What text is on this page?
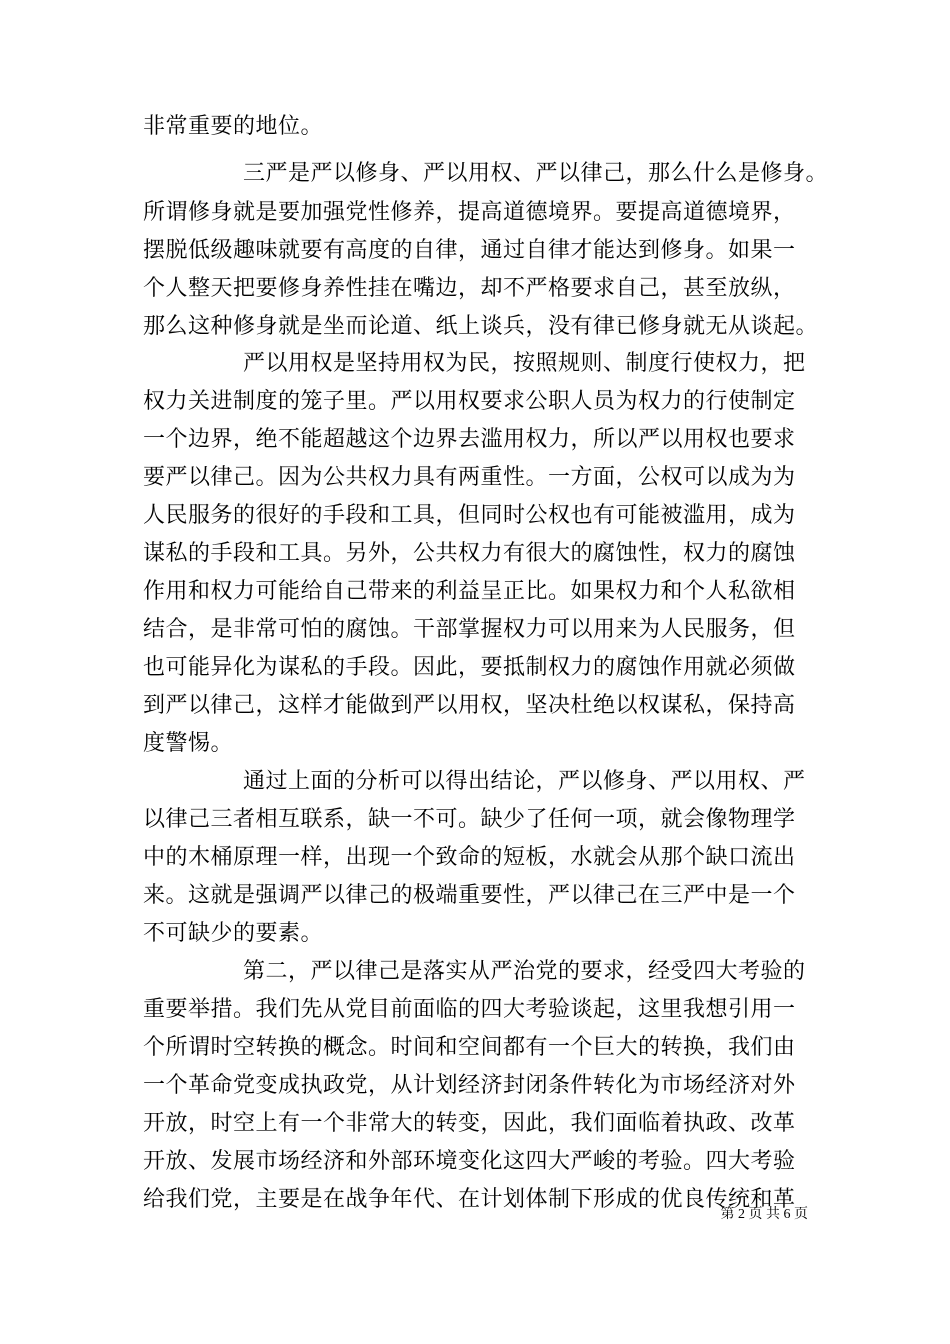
非常重要的地位。
三严是严以修身、严以用权、严以律己，那么什么是修身。
所谓修身就是要加强党性修养，提高道德境界。要提高道德境界，
摆脱低级趣味就要有高度的自律，通过自律才能达到修身。如果一
个人整天把要修身养性挂在嘴边，却不严格要求自己，甚至放纵，
那么这种修身就是坐而论道、纸上谈兵，没有律已修身就无从谈起。
严以用权是坚持用权为民，按照规则、制度行使权力，把
权力关进制度的笼子里。严以用权要求公职人员为权力的行使制定
一个边界，绝不能超越这个边界去滥用权力，所以严以用权也要求
要严以律己。因为公共权力具有两重性。一方面，公权可以成为为
人民服务的很好的手段和工具，但同时公权也有可能被滥用，成为
谋私的手段和工具。另外，公共权力有很大的腐蚀性，权力的腐蚀
作用和权力可能给自己带来的利益呈正比。如果权力和个人私欲相
结合，是非常可怕的腐蚀。干部掌握权力可以用来为人民服务，但
也可能异化为谋私的手段。因此，要抵制权力的腐蚀作用就必须做
到严以律己，这样才能做到严以用权，坚决杜绝以权谋私，保持高
度警惕。
通过上面的分析可以得出结论，严以修身、严以用权、严
以律己三者相互联系，缺一不可。缺少了任何一项，就会像物理学
中的木桶原理一样，出现一个致命的短板，水就会从那个缺口流出
来。这就是强调严以律己的极端重要性，严以律己在三严中是一个
不可缺少的要素。
第二，严以律己是落实从严治党的要求，经受四大考验的
重要举措。我们先从党目前面临的四大考验谈起，这里我想引用一
个所谓时空转换的概念。时间和空间都有一个巨大的转换，我们由
一个革命党变成执政党，从计划经济封闭条件转化为市场经济对外
开放，时空上有一个非常大的转变，因此，我们面临着执政、改革
开放、发展市场经济和外部环境变化这四大严峻的考验。四大考验
给我们党，主要是在战争年代、在计划体制下形成的优良传统和革
第 2 页 共 6 页
